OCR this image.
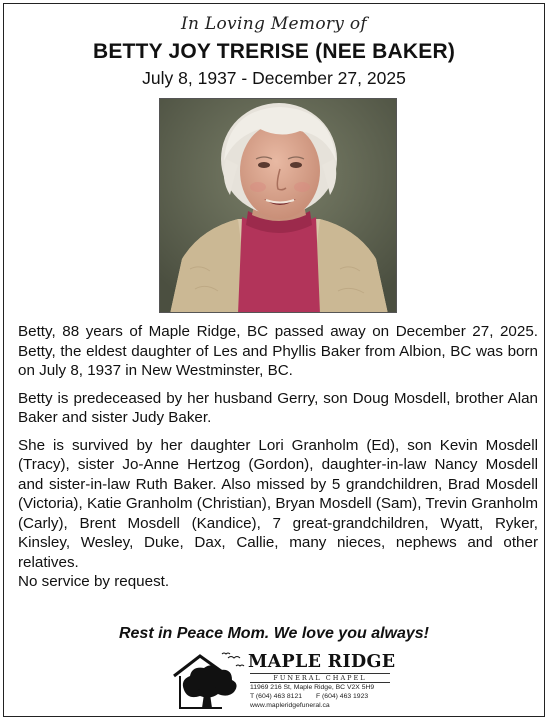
In Loving Memory of
BETTY JOY TRERISE (NEE BAKER)
July 8, 1937 - December 27, 2025

Betty, 88 years of Maple Ridge, BC passed away on December 27, 2025. Betty, the eldest daughter of Les and Phyllis Baker from Albion, BC was born on July 8, 1937 in New Westminster, BC.

Betty is predeceased by her husband Gerry, son Doug Mosdell, brother Alan Baker and sister Judy Baker.

She is survived by her daughter Lori Granholm (Ed), son Kevin Mosdell (Tracy), sister Jo-Anne Hertzog (Gordon), daughter-in-law Nancy Mosdell and sister-in-law Ruth Baker. Also missed by 5 grandchildren, Brad Mosdell (Victoria), Katie Granholm (Christian), Bryan Mosdell (Sam), Trevin Granholm (Carly), Brent Mosdell (Kandice), 7 great-grandchildren, Wyatt, Ryker, Kinsley, Wesley, Duke, Dax, Callie, many nieces, nephews and other relatives.

No service by request.

Rest in Peace Mom. We love you always!
MAPLE RIDGE
FUNERAL CHAPEL
11969 216 St, Maple Ridge, BC V2X 5H9
T (604) 463 8121 F (604) 463 1923
www.mapleridgefuneral.ca
